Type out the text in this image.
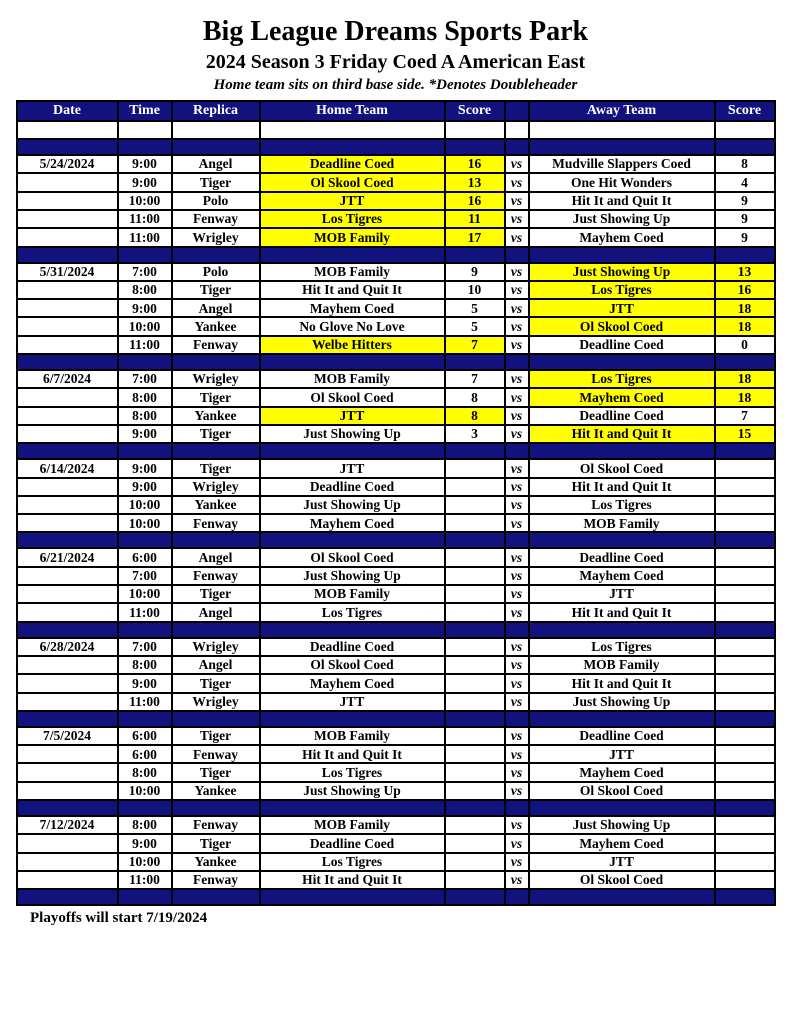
Big League Dreams Sports Park
2024 Season 3 Friday Coed A American East
Home team sits on third base side. *Denotes Doubleheader
Date	Time	Replica	Home Team	Score		Away Team	Score

5/24/2024	9:00	Angel	Deadline Coed	16	vs	Mudville Slappers Coed	8
	9:00	Tiger	Ol Skool Coed	13	vs	One Hit Wonders	4
	10:00	Polo	JTT	16	vs	Hit It and Quit It	9
	11:00	Fenway	Los Tigres	11	vs	Just Showing Up	9
	11:00	Wrigley	MOB Family	17	vs	Mayhem Coed	9

5/31/2024	7:00	Polo	MOB Family	9	vs	Just Showing Up	13
	8:00	Tiger	Hit It and Quit It	10	vs	Los Tigres	16
	9:00	Angel	Mayhem Coed	5	vs	JTT	18
	10:00	Yankee	No Glove No Love	5	vs	Ol Skool Coed	18
	11:00	Fenway	Welbe Hitters	7	vs	Deadline Coed	0

6/7/2024	7:00	Wrigley	MOB Family	7	vs	Los Tigres	18
	8:00	Tiger	Ol Skool Coed	8	vs	Mayhem Coed	18
	8:00	Yankee	JTT	8	vs	Deadline Coed	7
	9:00	Tiger	Just Showing Up	3	vs	Hit It and Quit It	15

6/14/2024	9:00	Tiger	JTT		vs	Ol Skool Coed	
	9:00	Wrigley	Deadline Coed		vs	Hit It and Quit It	
	10:00	Yankee	Just Showing Up		vs	Los Tigres	
	10:00	Fenway	Mayhem Coed		vs	MOB Family	

6/21/2024	6:00	Angel	Ol Skool Coed		vs	Deadline Coed	
	7:00	Fenway	Just Showing Up		vs	Mayhem Coed	
	10:00	Tiger	MOB Family		vs	JTT	
	11:00	Angel	Los Tigres		vs	Hit It and Quit It	

6/28/2024	7:00	Wrigley	Deadline Coed		vs	Los Tigres	
	8:00	Angel	Ol Skool Coed		vs	MOB Family	
	9:00	Tiger	Mayhem Coed		vs	Hit It and Quit It	
	11:00	Wrigley	JTT		vs	Just Showing Up	

7/5/2024	6:00	Tiger	MOB Family		vs	Deadline Coed	
	6:00	Fenway	Hit It and Quit It		vs	JTT	
	8:00	Tiger	Los Tigres		vs	Mayhem Coed	
	10:00	Yankee	Just Showing Up		vs	Ol Skool Coed	

7/12/2024	8:00	Fenway	MOB Family		vs	Just Showing Up	
	9:00	Tiger	Deadline Coed		vs	Mayhem Coed	
	10:00	Yankee	Los Tigres		vs	JTT	
	11:00	Fenway	Hit It and Quit It		vs	Ol Skool Coed	

Playoffs will start 7/19/2024
